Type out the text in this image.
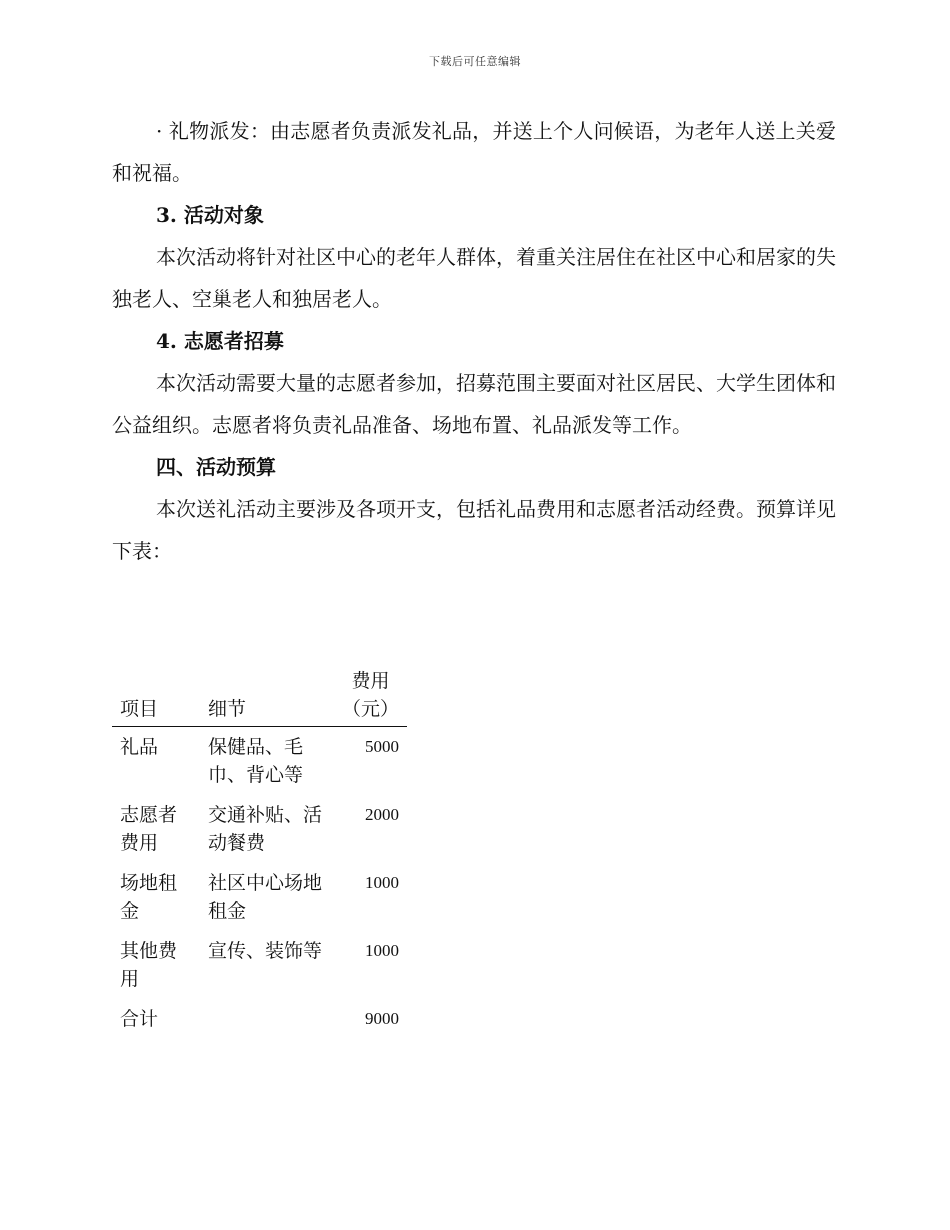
下载后可任意编辑

· 礼物派发：由志愿者负责派发礼品，并送上个人问候语，为老年人送上关爱和祝福。

3. 活动对象

本次活动将针对社区中心的老年人群体，着重关注居住在社区中心和居家的失独老人、空巢老人和独居老人。

4. 志愿者招募

本次活动需要大量的志愿者参加，招募范围主要面对社区居民、大学生团体和公益组织。志愿者将负责礼品准备、场地布置、礼品派发等工作。

四、活动预算

本次送礼活动主要涉及各项开支，包括礼品费用和志愿者活动经费。预算详见下表：

项目	细节	费用（元）
礼品	保健品、毛巾、背心等	5000
志愿者费用	交通补贴、活动餐费	2000
场地租金	社区中心场地租金	1000
其他费用	宣传、装饰等	1000
合计		9000
